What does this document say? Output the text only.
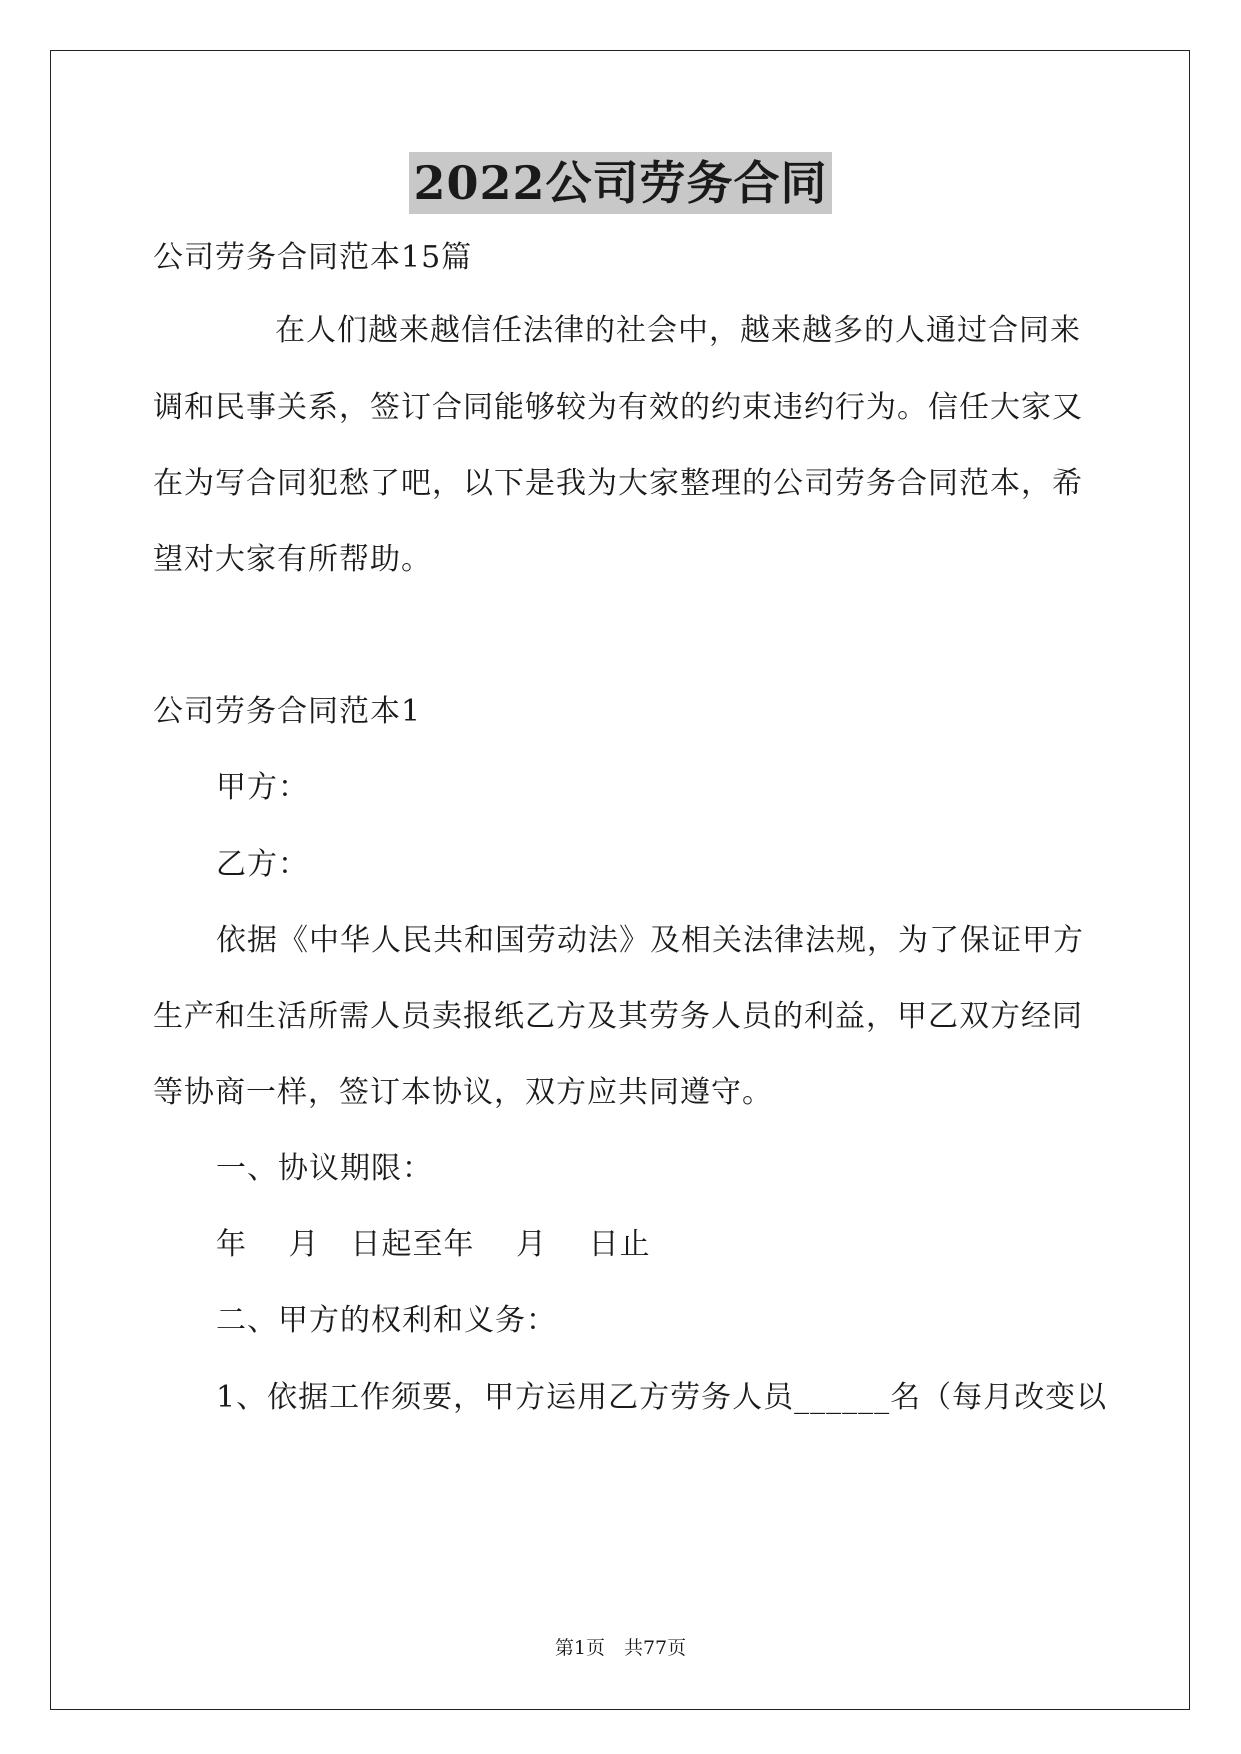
2022公司劳务合同
公司劳务合同范本15篇
在人们越来越信任法律的社会中，越来越多的人通过合同来
调和民事关系，签订合同能够较为有效的约束违约行为。信任大家又
在为写合同犯愁了吧，以下是我为大家整理的公司劳务合同范本，希
望对大家有所帮助。
公司劳务合同范本1
甲方：
乙方：
依据《中华人民共和国劳动法》及相关法律法规，为了保证甲方
生产和生活所需人员卖报纸乙方及其劳务人员的利益，甲乙双方经同
等协商一样，签订本协议，双方应共同遵守。
一、协议期限：
年　 月　日起至年　 月 　日止
二、甲方的权利和义务：
1、依据工作须要，甲方运用乙方劳务人员______名（每月改变以
第1页　共77页
